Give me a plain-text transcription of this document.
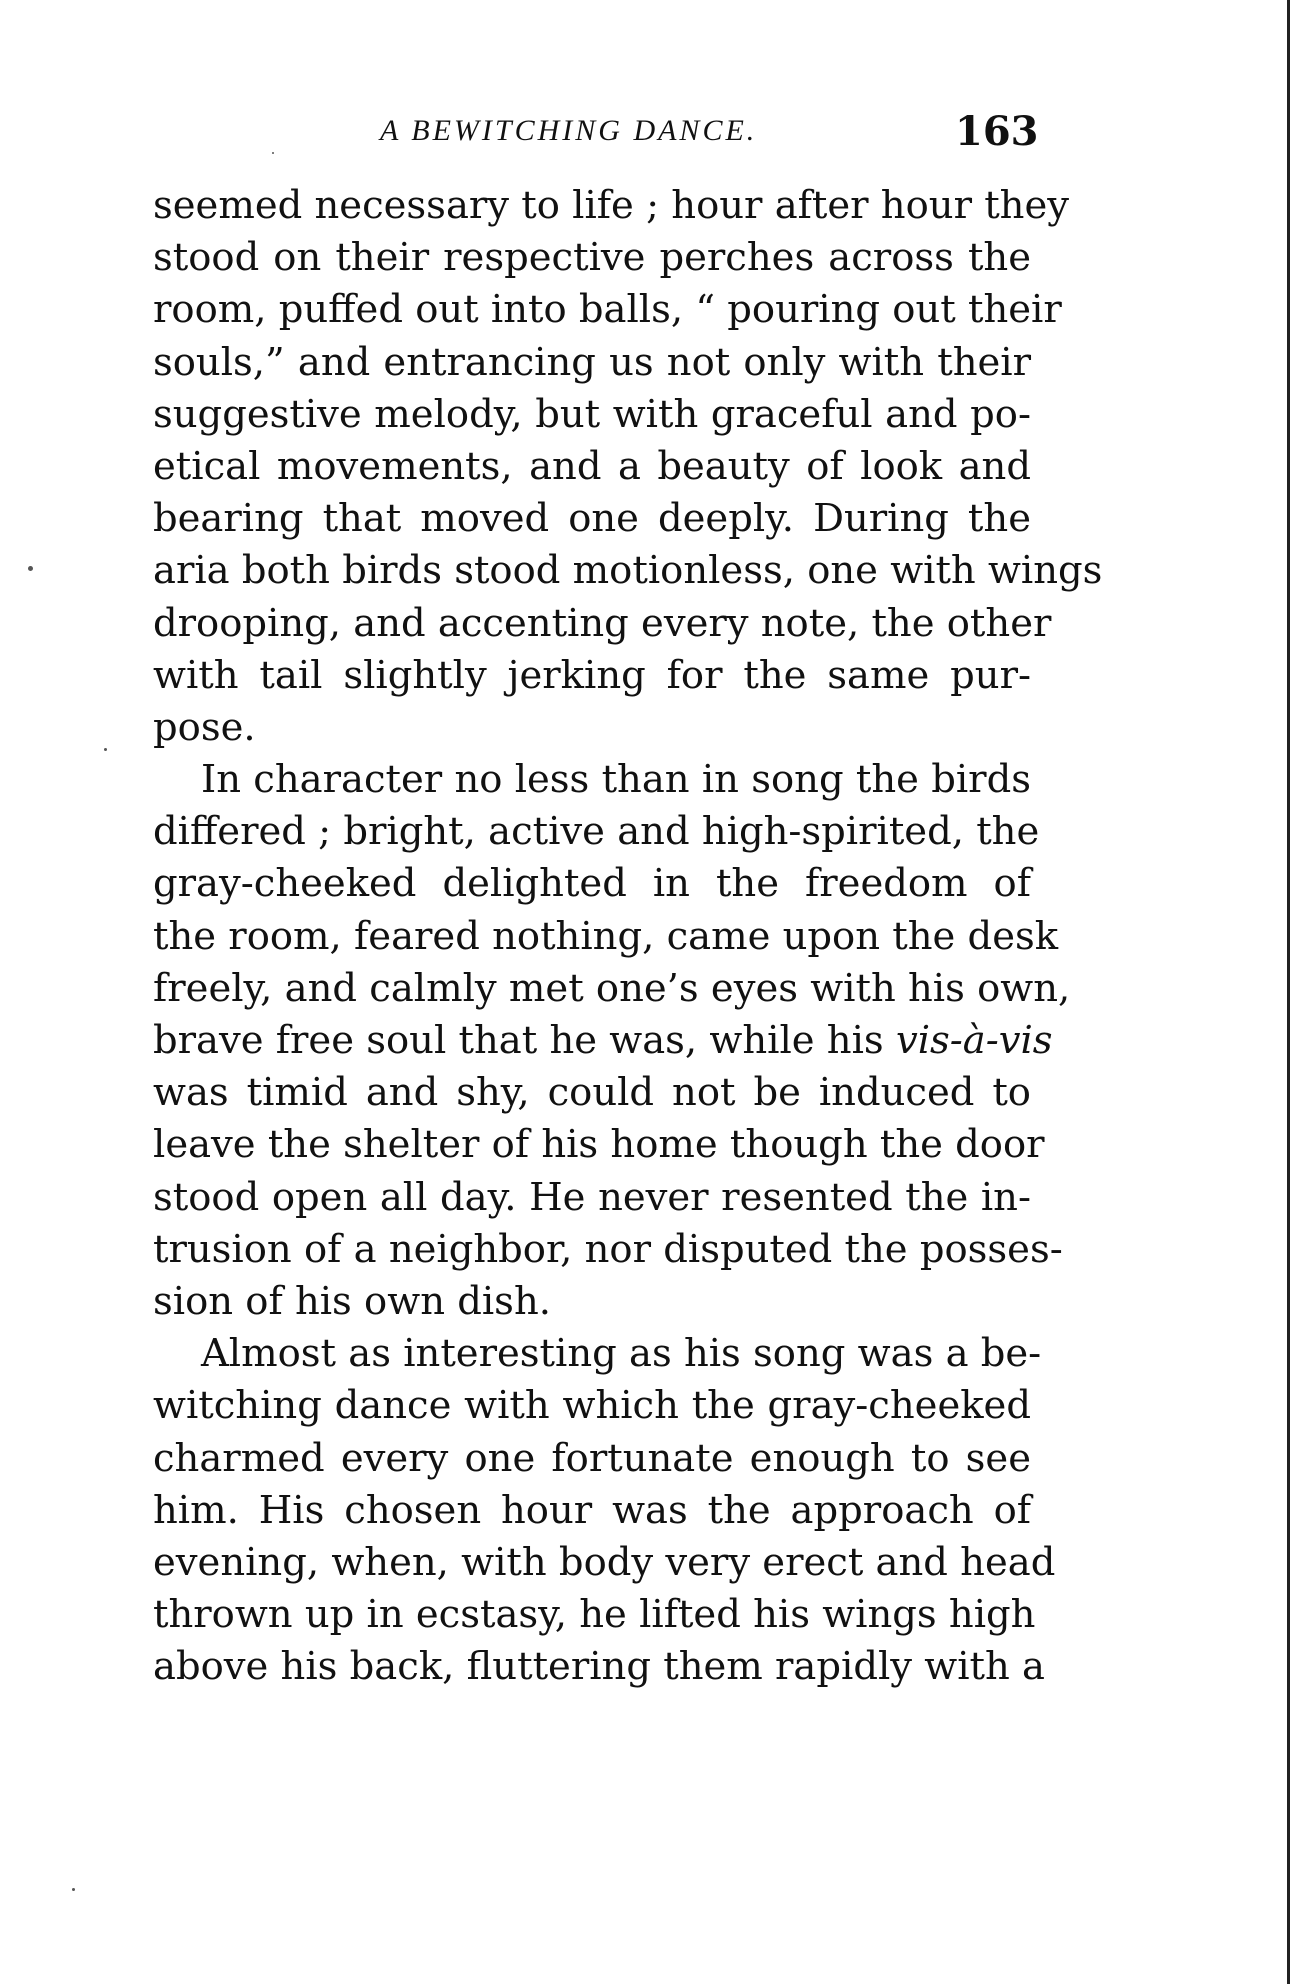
A BEWITCHING DANCE.	163
seemed necessary to life ; hour after hour they
stood on their respective perches across the
room, puffed out into balls, “ pouring out their
souls,” and entrancing us not only with their
suggestive melody, but with graceful and po-
etical movements, and a beauty of look and
bearing that moved one deeply. During the
aria both birds stood motionless, one with wings
drooping, and accenting every note, the other
with tail slightly jerking for the same pur-
pose.
In character no less than in song the birds
differed ; bright, active and high-spirited, the
gray-cheeked delighted in the freedom of
the room, feared nothing, came upon the desk
freely, and calmly met one’s eyes with his own,
brave free soul that he was, while his vis-à-vis
was timid and shy, could not be induced to
leave the shelter of his home though the door
stood open all day. He never resented the in-
trusion of a neighbor, nor disputed the posses-
sion of his own dish.
Almost as interesting as his song was a be-
witching dance with which the gray-cheeked
charmed every one fortunate enough to see
him. His chosen hour was the approach of
evening, when, with body very erect and head
thrown up in ecstasy, he lifted his wings high
above his back, fluttering them rapidly with a
